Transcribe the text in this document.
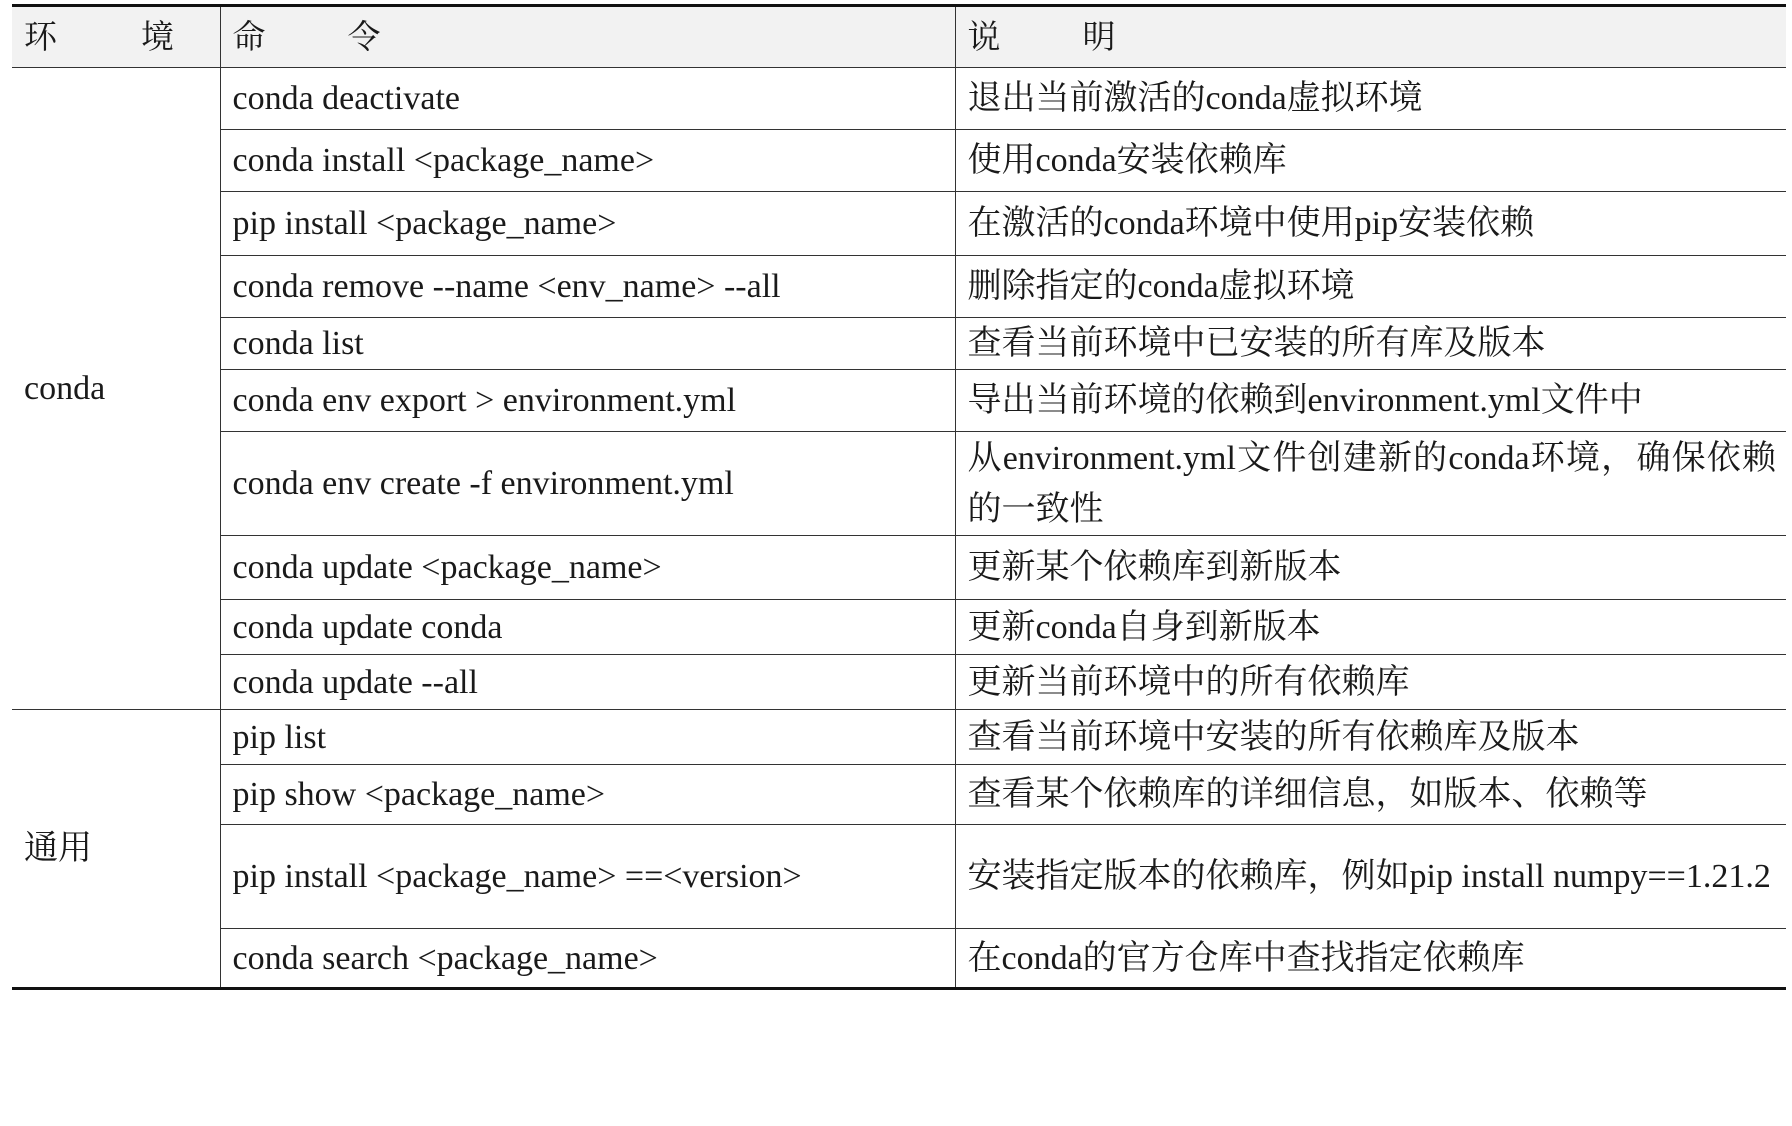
环 境	命 令	说 明

conda	conda deactivate	退出当前激活的conda虚拟环境
	conda install <package_name>	使用conda安装依赖库
	pip install <package_name>	在激活的conda环境中使用pip安装依赖
	conda remove --name <env_name> --all	删除指定的conda虚拟环境
	conda list	查看当前环境中已安装的所有库及版本
	conda env export > environment.yml	导出当前环境的依赖到environment.yml文件中
	conda env create -f environment.yml	从environment.yml文件创建新的conda环境，确保依赖的一致性

	conda update <package_name>	更新某个依赖库到新版本
	conda update conda	更新conda自身到新版本
	conda update --all	更新当前环境中的所有依赖库
通用	pip list	查看当前环境中安装的所有依赖库及版本
	pip show <package_name>	查看某个依赖库的详细信息，如版本、依赖等
	pip install <package_name> ==<version>	安装指定版本的依赖库，例如pip install numpy==1.21.2

	conda search <package_name>	在conda的官方仓库中查找指定依赖库
